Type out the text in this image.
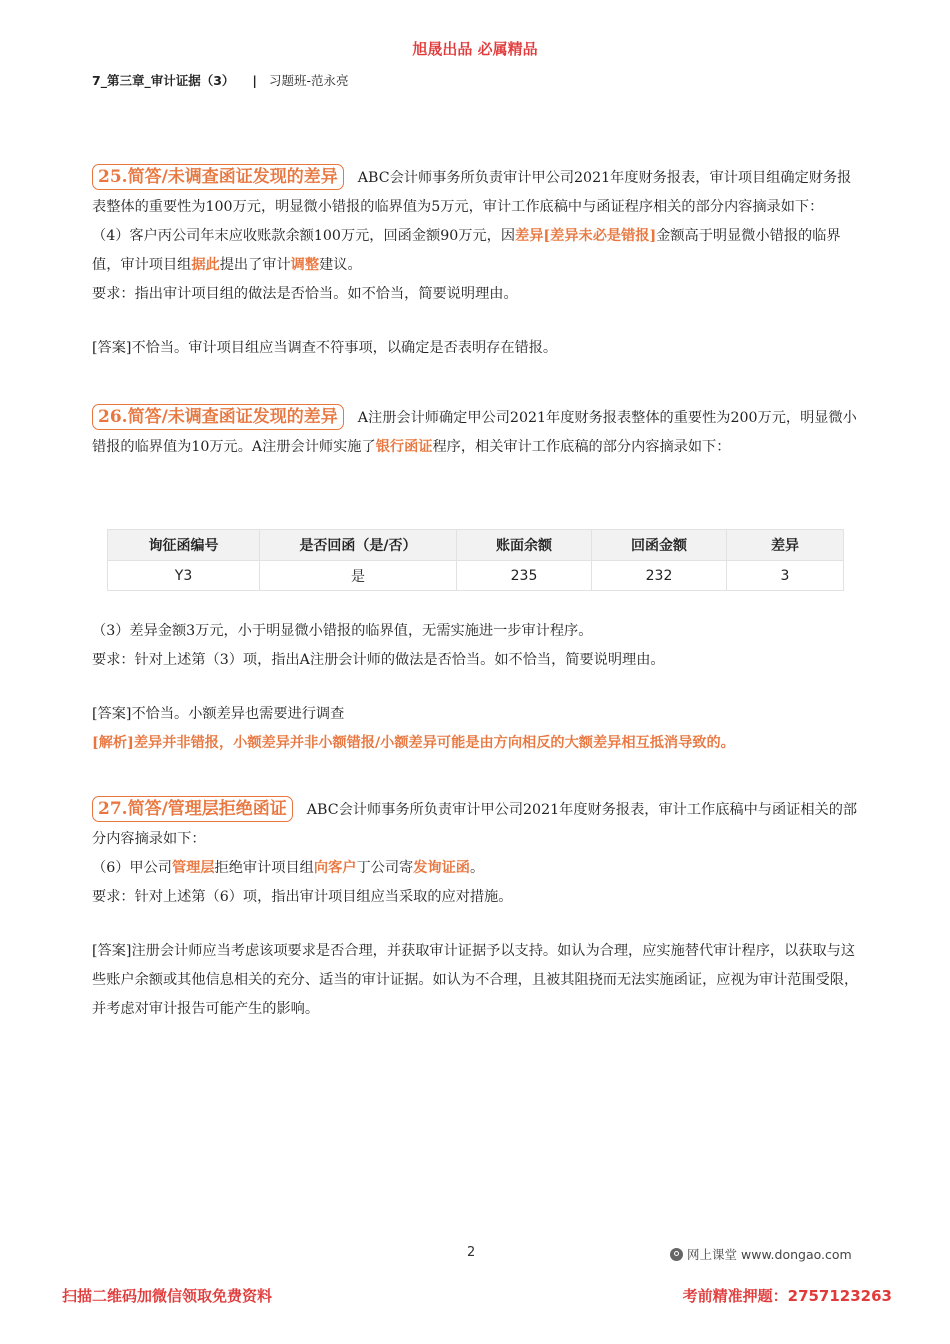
旭晟出品 必属精品
7_第三章_审计证据（3） | 习题班-范永亮

25.简答/未调查函证发现的差异 ABC会计师事务所负责审计甲公司2021年度财务报表，审计项目组确定财务报表整体的重要性为100万元，明显微小错报的临界值为5万元，审计工作底稿中与函证程序相关的部分内容摘录如下：

（4）客户丙公司年末应收账款余额100万元，回函金额90万元，因差异[差异未必是错报]金额高于明显微小错报的临界值，审计项目组据此提出了审计调整建议。

要求：指出审计项目组的做法是否恰当。如不恰当，简要说明理由。

[答案]不恰当。审计项目组应当调查不符事项，以确定是否表明存在错报。

26.简答/未调查函证发现的差异 A注册会计师确定甲公司2021年度财务报表整体的重要性为200万元，明显微小错报的临界值为10万元。A注册会计师实施了银行函证程序，相关审计工作底稿的部分内容摘录如下：

询征函编号	是否回函（是/否）	账面余额	回函金额	差异
Y3	是	235	232	3

（3）差异金额3万元，小于明显微小错报的临界值，无需实施进一步审计程序。

要求：针对上述第（3）项，指出A注册会计师的做法是否恰当。如不恰当，简要说明理由。

[答案]不恰当。小额差异也需要进行调查

[解析]差异并非错报，小额差异并非小额错报/小额差异可能是由方向相反的大额差异相互抵消导致的。

27.简答/管理层拒绝函证 ABC会计师事务所负责审计甲公司2021年度财务报表，审计工作底稿中与函证相关的部分内容摘录如下：

（6）甲公司管理层拒绝审计项目组向客户丁公司寄发询证函。

要求：针对上述第（6）项，指出审计项目组应当采取的应对措施。

[答案]注册会计师应当考虑该项要求是否合理，并获取审计证据予以支持。如认为合理，应实施替代审计程序，以获取与这些账户余额或其他信息相关的充分、适当的审计证据。如认为不合理，且被其阻挠而无法实施函证，应视为审计范围受限，并考虑对审计报告可能产生的影响。

2	网上课堂 www.dongao.com
扫描二维码加微信领取免费资料	考前精准押题：2757123263
